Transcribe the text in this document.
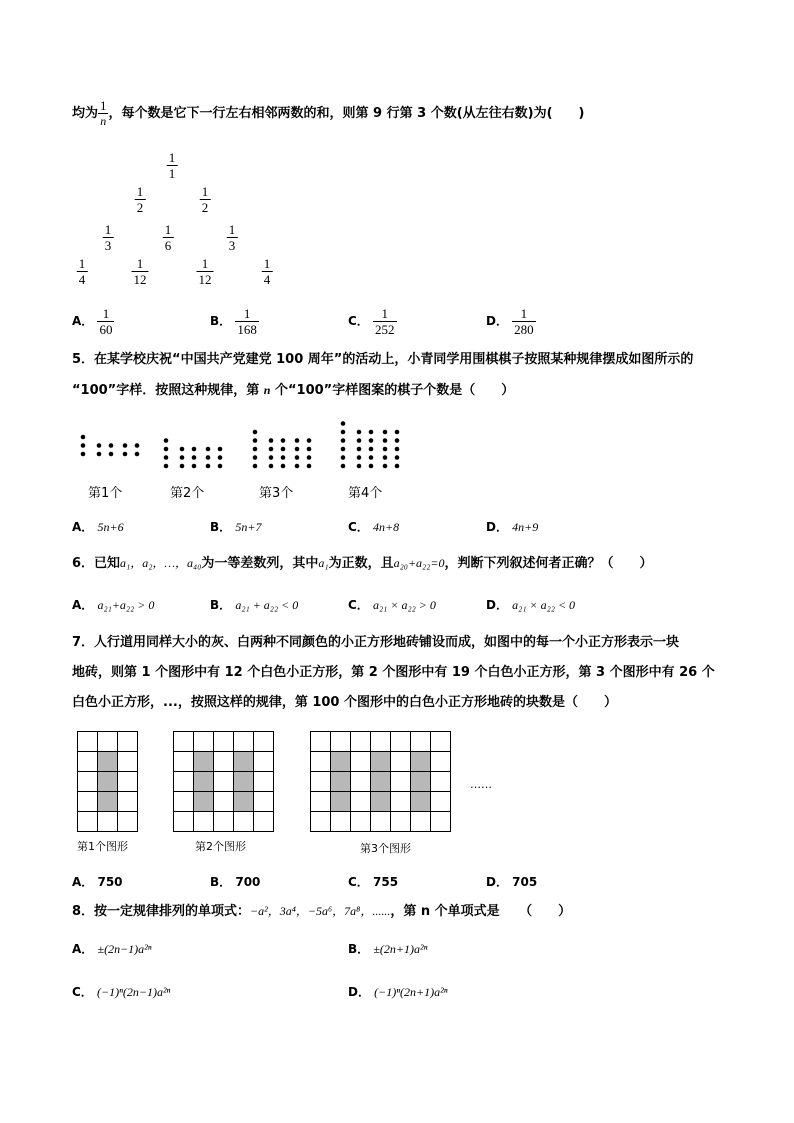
均为 $\frac{1}{n}$ ，每个数是它下一行左右相邻两数的和，则第 9 行第 3 个数(从左往右数)为(　　)
$\frac{1}{1}$
$\frac{1}{2}$	$\frac{1}{2}$
$\frac{1}{3}$	$\frac{1}{6}$	$\frac{1}{3}$
$\frac{1}{4}$	$\frac{1}{12}$	$\frac{1}{12}$	$\frac{1}{4}$
A． $\frac{1}{60}$	B． $\frac{1}{168}$	C． $\frac{1}{252}$	D． $\frac{1}{280}$
5．在某学校庆祝“中国共产党建党 100 周年”的活动上，小青同学用围棋棋子按照某种规律摆成如图所示的
“100”字样．按照这种规律，第 n 个“100”字样图案的棋子个数是（　　）
第1个	第2个	第3个	第4个
A． 5n+6	B． 5n+7	C． 4n+8	D． 4n+9
6．已知a₁，a₂，…，a₄₀为一等差数列，其中a₁为正数，且a₂₀+a₂₂=0，判断下列叙述何者正确？（　　）
A． a₂₁+a₂₂ > 0	B． a₂₁ + a₂₂ < 0	C． a₂₁ × a₂₂ > 0	D． a₂₁ × a₂₂ < 0
7．人行道用同样大小的灰、白两种不同颜色的小正方形地砖铺设而成，如图中的每一个小正方形表示一块
地砖，则第 1 个图形中有 12 个白色小正方形，第 2 个图形中有 19 个白色小正方形，第 3 个图形中有 26 个
白色小正方形，...，按照这样的规律，第 100 个图形中的白色小正方形地砖的块数是（　　）

……
第1个图形	第2个图形	第3个图形
A． 750	B． 700	C． 755	D． 705
8．按一定规律排列的单项式：−a²，3a⁴，−5a⁶，7a⁸，......，第 n 个单项式是　　（　　）
A． ±(2n−1)a²ⁿ	B． ±(2n+1)a²ⁿ
C． (−1)ⁿ(2n−1)a²ⁿ	D． (−1)ⁿ(2n+1)a²ⁿ
